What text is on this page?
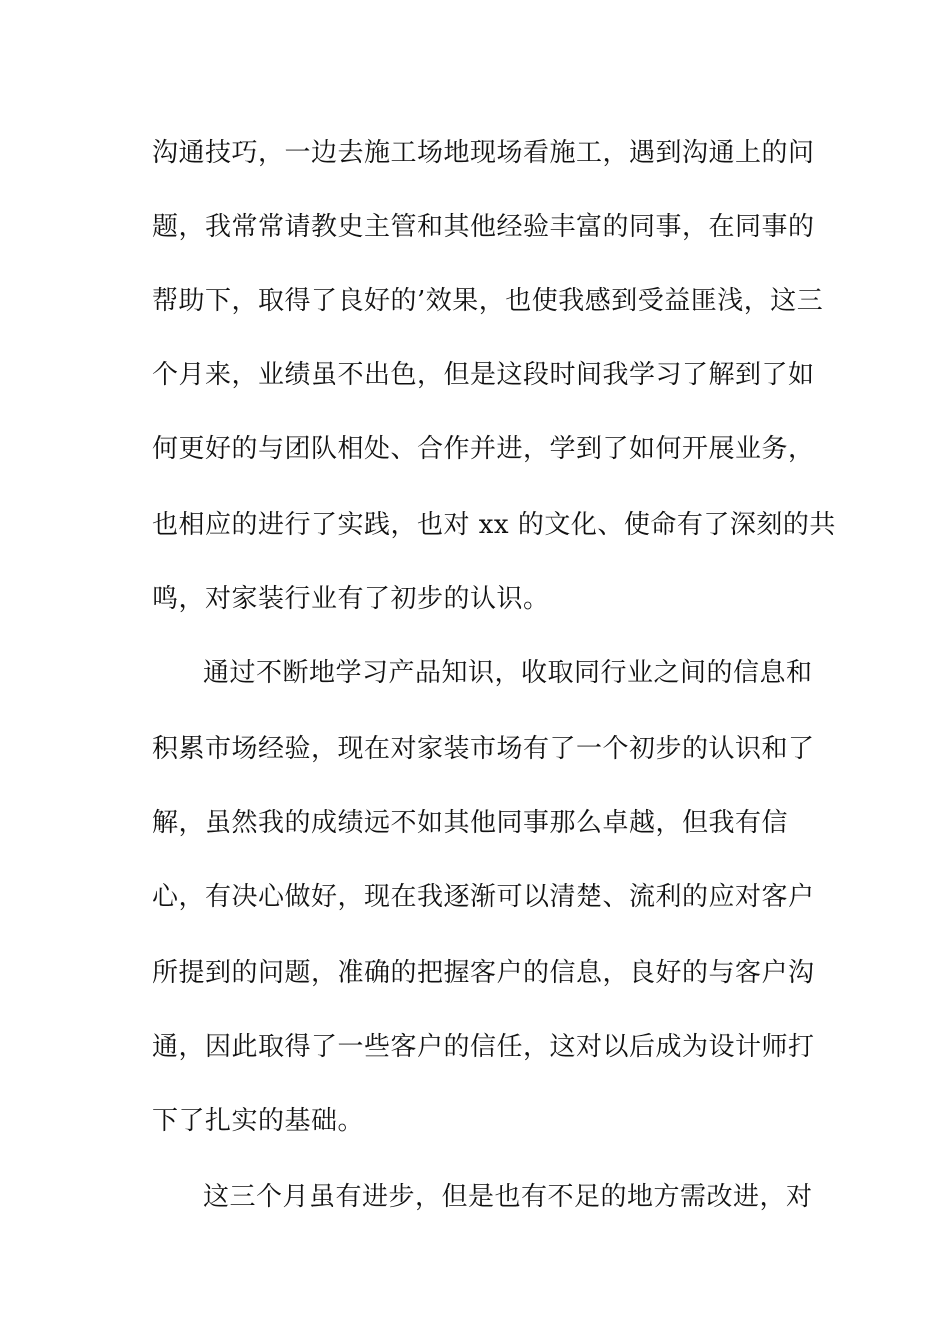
沟通技巧，一边去施工场地现场看施工，遇到沟通上的问
题，我常常请教史主管和其他经验丰富的同事，在同事的
帮助下，取得了良好的’效果，也使我感到受益匪浅，这三
个月来，业绩虽不出色，但是这段时间我学习了解到了如
何更好的与团队相处、合作并进，学到了如何开展业务，
也相应的进行了实践，也对 xx 的文化、使命有了深刻的共
鸣，对家装行业有了初步的认识。
通过不断地学习产品知识，收取同行业之间的信息和
积累市场经验，现在对家装市场有了一个初步的认识和了
解，虽然我的成绩远不如其他同事那么卓越，但我有信
心，有决心做好，现在我逐渐可以清楚、流利的应对客户
所提到的问题，准确的把握客户的信息，良好的与客户沟
通，因此取得了一些客户的信任，这对以后成为设计师打
下了扎实的基础。
这三个月虽有进步，但是也有不足的地方需改进，对
